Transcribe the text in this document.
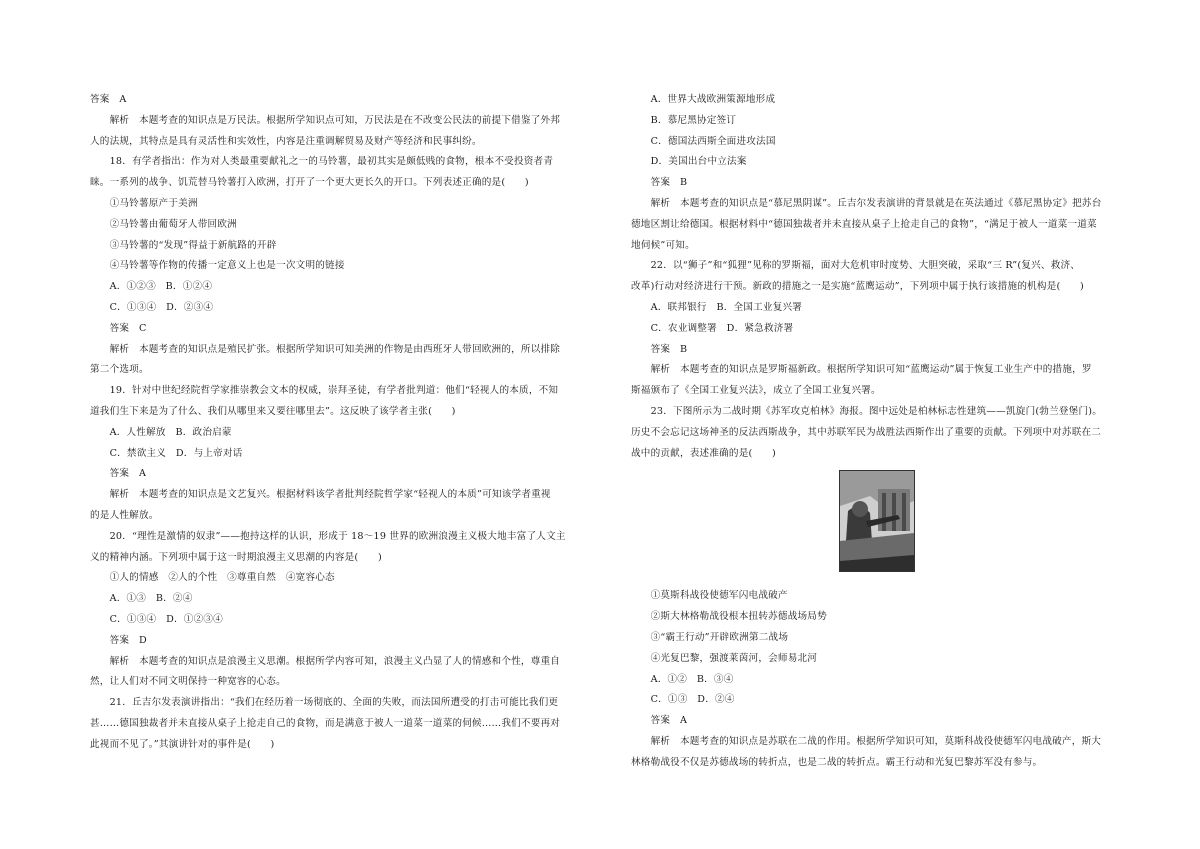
答案　A

　　解析　本题考查的知识点是万民法。根据所学知识点可知，万民法是在不改变公民法的前提下借鉴了外邦

人的法规，其特点是具有灵活性和实效性，内容是注重调解贸易及财产等经济和民事纠纷。

　　18．有学者指出：作为对人类最重要献礼之一的马铃薯，最初其实是颇低贱的食物，根本不受投资者青

睐。一系列的战争、饥荒替马铃薯打入欧洲，打开了一个更大更长久的开口。下列表述正确的是(　　)

　　①马铃薯原产于美洲

　　②马铃薯由葡萄牙人带回欧洲

　　③马铃薯的“发现”得益于新航路的开辟

　　④马铃薯等作物的传播一定意义上也是一次文明的链接

　　A．①②③　B．①②④

　　C．①③④　D．②③④

　　答案　C

　　解析　本题考查的知识点是殖民扩张。根据所学知识可知美洲的作物是由西班牙人带回欧洲的，所以排除

第二个选项。

　　19．针对中世纪经院哲学家推崇教会文本的权威，崇拜圣徒，有学者批判道：他们“轻视人的本质，不知

道我们生下来是为了什么、我们从哪里来又要往哪里去”。这反映了该学者主张(　　)

　　A．人性解放　B．政治启蒙

　　C．禁欲主义　D．与上帝对话

　　答案　A

　　解析　本题考查的知识点是文艺复兴。根据材料该学者批判经院哲学家“轻视人的本质”可知该学者重视

的是人性解放。

　　20．“理性是激情的奴隶”——抱持这样的认识，形成于 18～19 世界的欧洲浪漫主义极大地丰富了人文主

义的精神内涵。下列项中属于这一时期浪漫主义思潮的内容是(　　)

　　①人的情感　②人的个性　③尊重自然　④宽容心态

　　A．①③　B．②④

　　C．①③④　D．①②③④

　　答案　D

　　解析　本题考查的知识点是浪漫主义思潮。根据所学内容可知，浪漫主义凸显了人的情感和个性，尊重自

然，让人们对不同文明保持一种宽容的心态。

　　21．丘吉尔发表演讲指出：“我们在经历着一场彻底的、全面的失败，而法国所遭受的打击可能比我们更

甚……德国独裁者并未直接从桌子上抢走自己的食物，而是满意于被人一道菜一道菜的伺候……我们不要再对

此视而不见了。”其演讲针对的事件是(　　)

　　A．世界大战欧洲策源地形成

　　B．慕尼黑协定签订

　　C．德国法西斯全面进攻法国

　　D．美国出台中立法案

　　答案　B

　　解析　本题考查的知识点是“慕尼黑阴谋”。丘吉尔发表演讲的背景就是在英法通过《慕尼黑协定》把苏台

德地区割让给德国。根据材料中“德国独裁者并未直接从桌子上抢走自己的食物”，“满足于被人一道菜一道菜

地伺候”可知。

　　22．以“狮子”和“狐狸”见称的罗斯福，面对大危机审时度势、大胆突破，采取“三 R”(复兴、救济、

改革)行动对经济进行干预。新政的措施之一是实施“蓝鹰运动”，下列项中属于执行该措施的机构是(　　)

　　A．联邦银行　B．全国工业复兴署

　　C．农业调整署　D．紧急救济署

　　答案　B

　　解析　本题考查的知识点是罗斯福新政。根据所学知识可知“蓝鹰运动”属于恢复工业生产中的措施，罗

斯福颁布了《全国工业复兴法》，成立了全国工业复兴署。

　　23．下图所示为二战时期《苏军攻克柏林》海报。图中远处是柏林标志性建筑——凯旋门(勃兰登堡门)。

历史不会忘记这场神圣的反法西斯战争，其中苏联军民为战胜法西斯作出了重要的贡献。下列项中对苏联在二

战中的贡献，表述准确的是(　　)

　　①莫斯科战役使德军闪电战破产

　　②斯大林格勒战役根本扭转苏德战场局势

　　③“霸王行动”开辟欧洲第二战场

　　④光复巴黎，强渡莱茵河，会师易北河

　　A．①②　B．③④

　　C．①③　D．②④

　　答案　A

　　解析　本题考查的知识点是苏联在二战的作用。根据所学知识可知，莫斯科战役使德军闪电战破产，斯大

林格勒战役不仅是苏德战场的转折点，也是二战的转折点。霸王行动和光复巴黎苏军没有参与。
